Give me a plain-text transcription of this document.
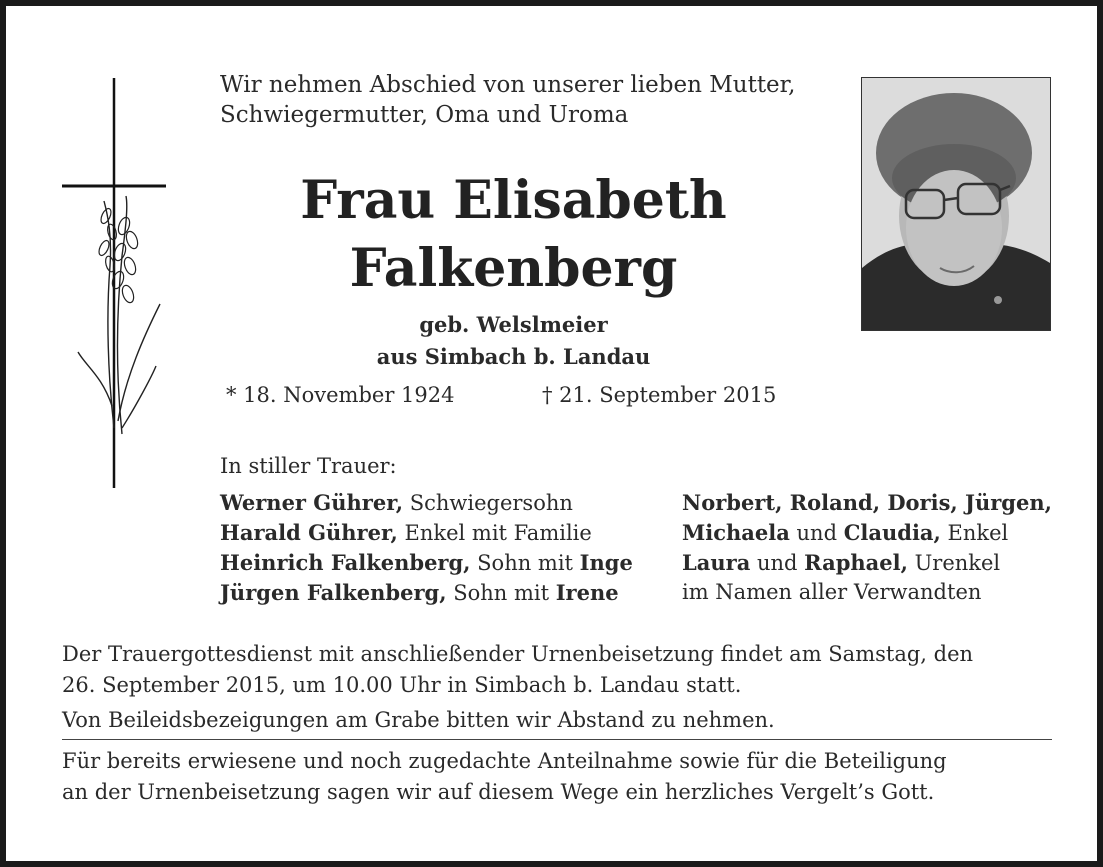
Wir nehmen Abschied von unserer lieben Mutter,
Schwiegermutter, Oma und Uroma
Frau Elisabeth
Falkenberg
geb. Welslmeier
aus Simbach b. Landau
* 18. November 1924	† 21. September 2015
In stiller Trauer:
Werner Gührer, Schwiegersohn
Harald Gührer, Enkel mit Familie
Heinrich Falkenberg, Sohn mit Inge
Jürgen Falkenberg, Sohn mit Irene
Norbert, Roland, Doris, Jürgen,
Michaela und Claudia, Enkel
Laura und Raphael, Urenkel
im Namen aller Verwandten
Der Trauergottesdienst mit anschließender Urnenbeisetzung findet am Samstag, den
26. September 2015, um 10.00 Uhr in Simbach b. Landau statt.
Von Beileidsbezeigungen am Grabe bitten wir Abstand zu nehmen.
Für bereits erwiesene und noch zugedachte Anteilnahme sowie für die Beteiligung
an der Urnenbeisetzung sagen wir auf diesem Wege ein herzliches Vergelt’s Gott.
